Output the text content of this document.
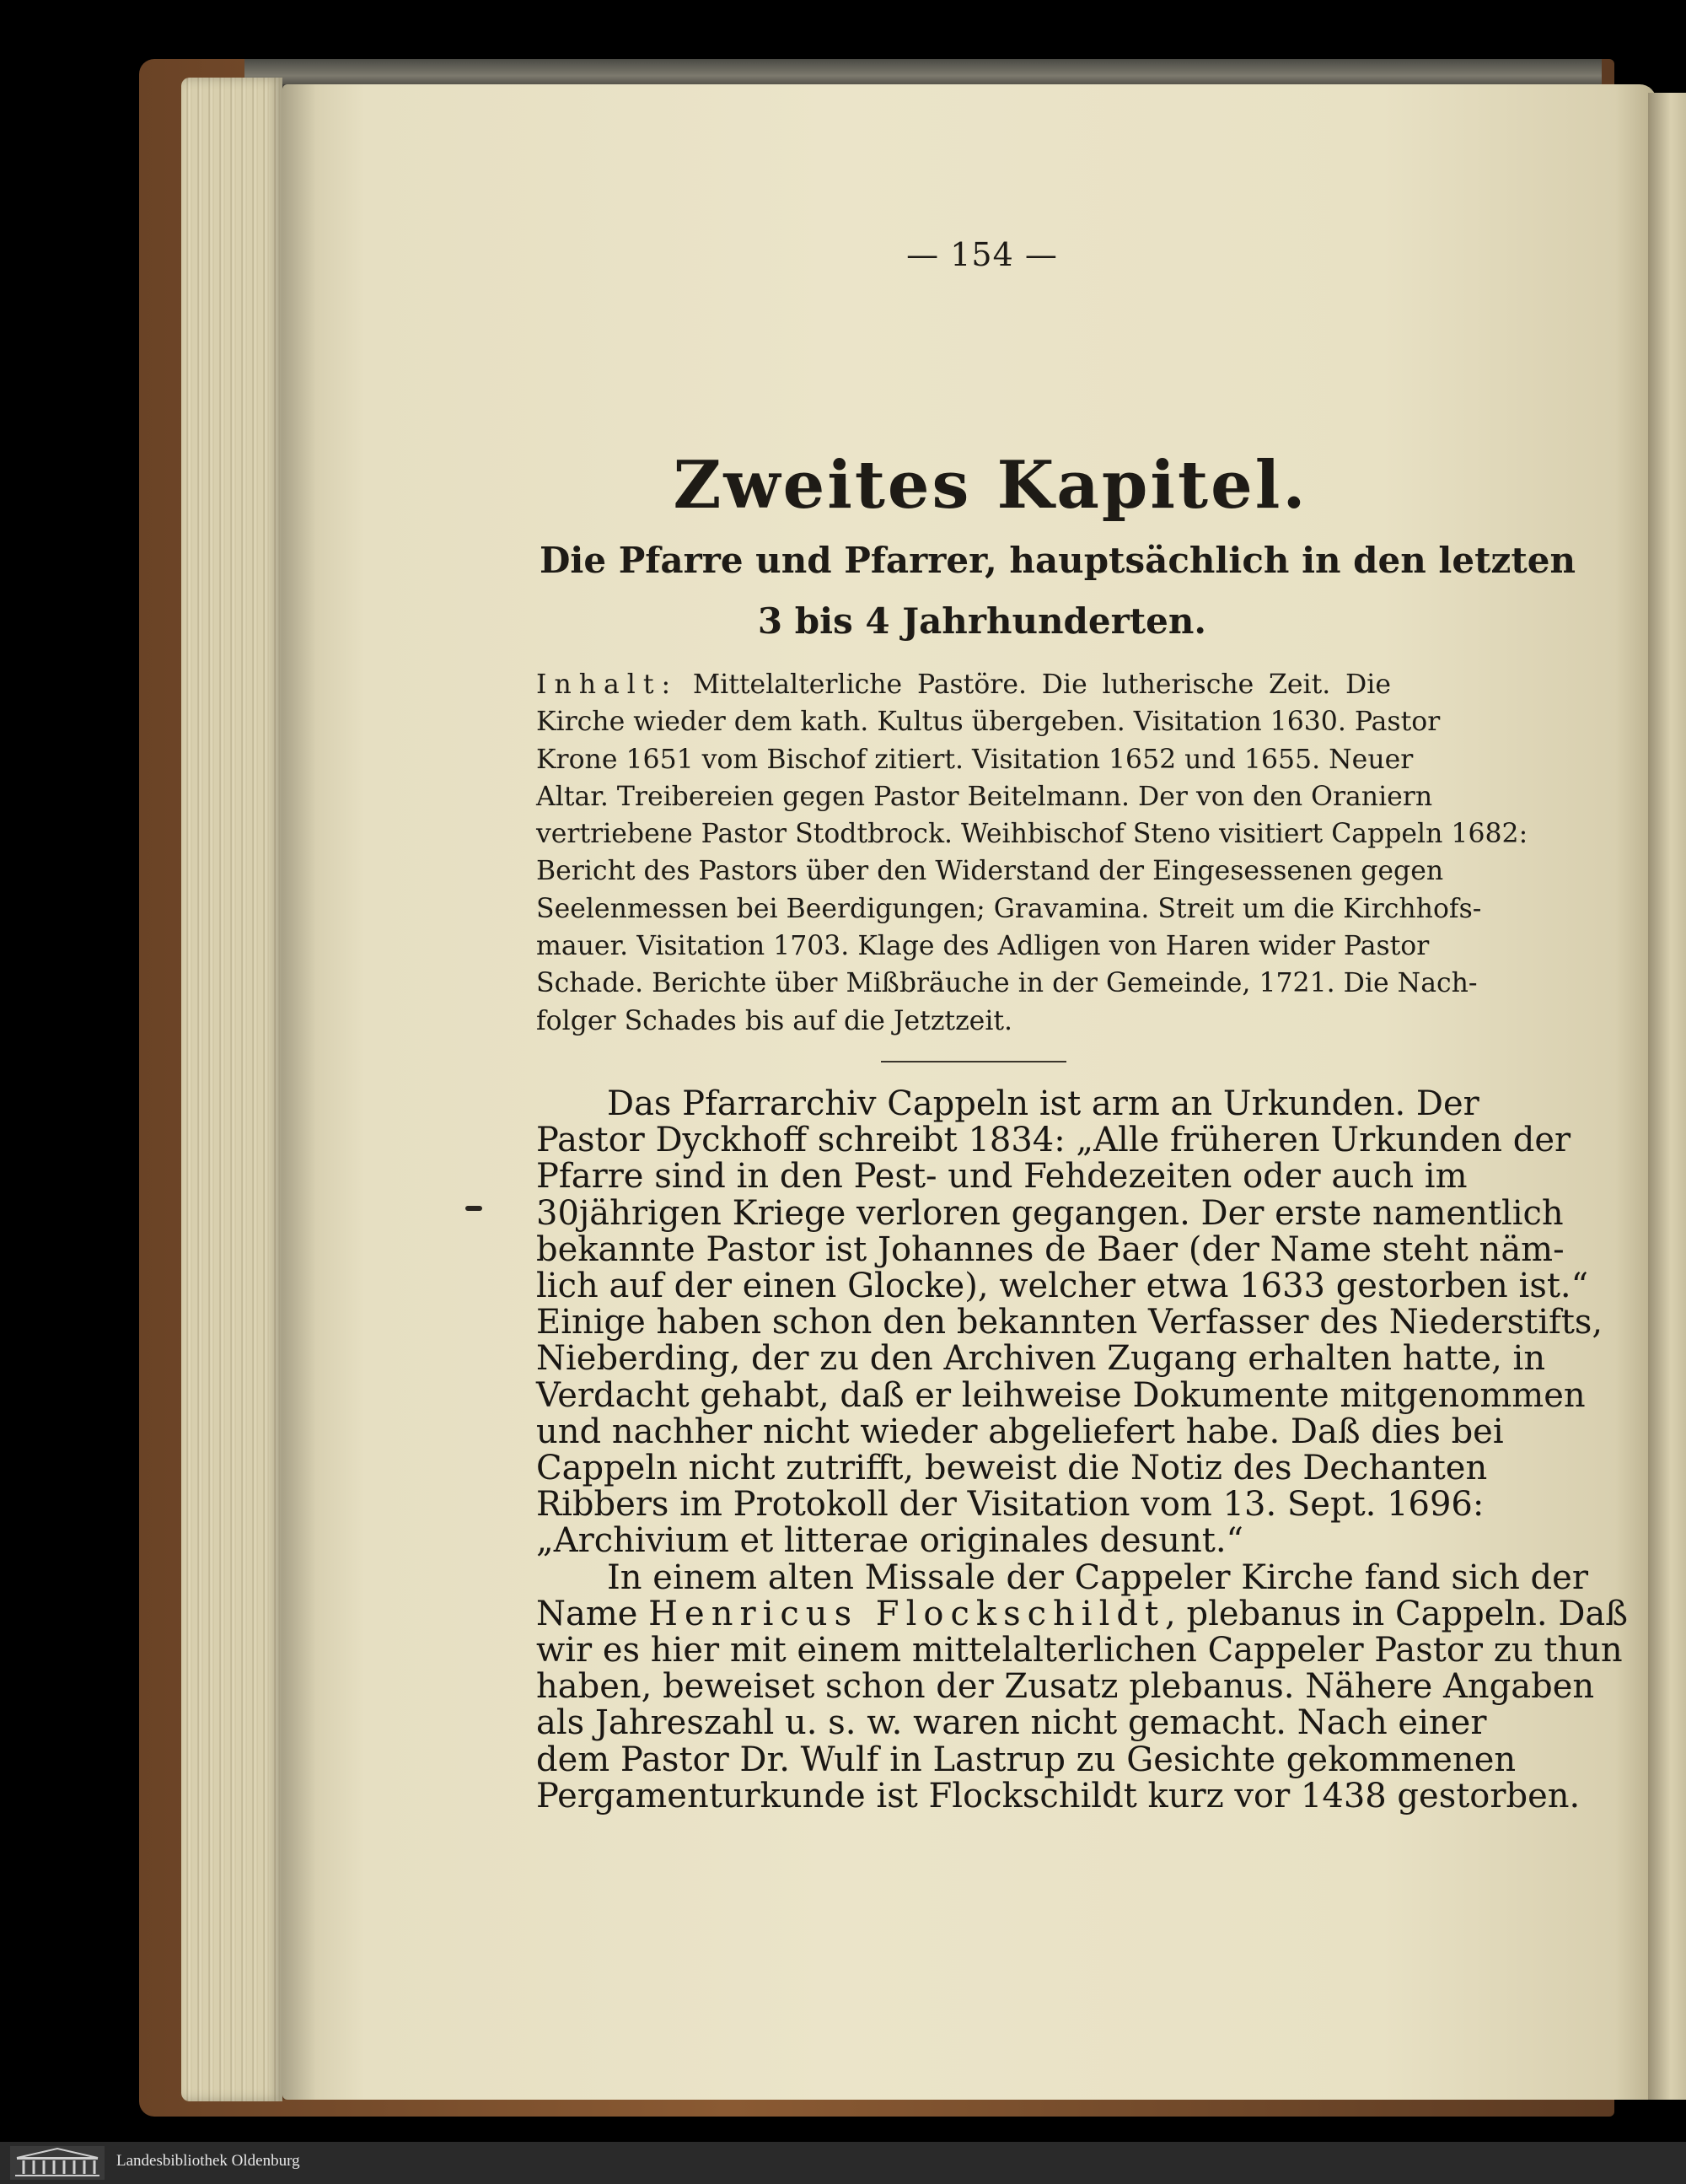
— 154 —
Zweites Kapitel.
Die Pfarre und Pfarrer, hauptsächlich in den letzten
3 bis 4 Jahrhunderten.
Inhalt: Mittelalterliche Pastöre. Die lutherische Zeit. Die
Kirche wieder dem kath. Kultus übergeben. Visitation 1630. Pastor
Krone 1651 vom Bischof zitiert. Visitation 1652 und 1655. Neuer
Altar. Treibereien gegen Pastor Beitelmann. Der von den Oraniern
vertriebene Pastor Stodtbrock. Weihbischof Steno visitiert Cappeln 1682:
Bericht des Pastors über den Widerstand der Eingesessenen gegen
Seelenmessen bei Beerdigungen; Gravamina. Streit um die Kirchhofs-
mauer. Visitation 1703. Klage des Adligen von Haren wider Pastor
Schade. Berichte über Mißbräuche in der Gemeinde, 1721. Die Nach-
folger Schades bis auf die Jetztzeit.
Das Pfarrarchiv Cappeln ist arm an Urkunden. Der
Pastor Dyckhoff schreibt 1834: „Alle früheren Urkunden der
Pfarre sind in den Pest- und Fehdezeiten oder auch im
30jährigen Kriege verloren gegangen. Der erste namentlich
bekannte Pastor ist Johannes de Baer (der Name steht näm-
lich auf der einen Glocke), welcher etwa 1633 gestorben ist.“
Einige haben schon den bekannten Verfasser des Niederstifts,
Nieberding, der zu den Archiven Zugang erhalten hatte, in
Verdacht gehabt, daß er leihweise Dokumente mitgenommen
und nachher nicht wieder abgeliefert habe. Daß dies bei
Cappeln nicht zutrifft, beweist die Notiz des Dechanten
Ribbers im Protokoll der Visitation vom 13. Sept. 1696:
„Archivium et litterae originales desunt.“
In einem alten Missale der Cappeler Kirche fand sich der
Name Henricus Flockschildt, plebanus in Cappeln. Daß
wir es hier mit einem mittelalterlichen Cappeler Pastor zu thun
haben, beweiset schon der Zusatz plebanus. Nähere Angaben
als Jahreszahl u. s. w. waren nicht gemacht. Nach einer
dem Pastor Dr. Wulf in Lastrup zu Gesichte gekommenen
Pergamenturkunde ist Flockschildt kurz vor 1438 gestorben.
Landesbibliothek Oldenburg
